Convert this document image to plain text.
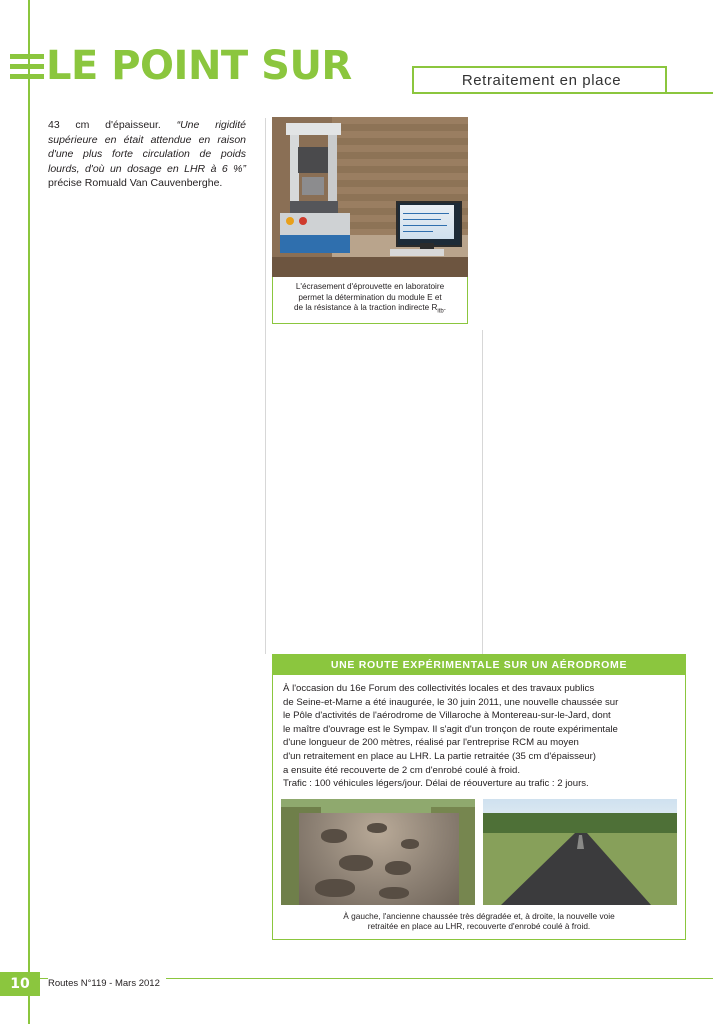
LE POINT SUR	Retraitement en place
43 cm d'épaisseur. “Une rigidité supérieure en était attendue en raison d'une plus forte circulation de poids lourds, d'où un dosage en LHR à 6 %” précise Romuald Van Cauvenberghe.
L'écrasement d'éprouvette en laboratoire
permet la détermination du module E et
de la résistance à la traction indirecte $R_{itb}$.
UNE ROUTE EXPÉRIMENTALE SUR UN AÉRODROME
À l'occasion du 16e Forum des collectivités locales et des travaux publics
de Seine-et-Marne a été inaugurée, le 30 juin 2011, une nouvelle chaussée sur
le Pôle d'activités de l'aérodrome de Villaroche à Montereau-sur-le-Jard, dont
le maître d'ouvrage est le Sympav. Il s'agit d'un tronçon de route expérimentale
d'une longueur de 200 mètres, réalisé par l'entreprise RCM au moyen
d'un retraitement en place au LHR. La partie retraitée (35 cm d'épaisseur)
a ensuite été recouverte de 2 cm d'enrobé coulé à froid.
Trafic : 100 véhicules légers/jour. Délai de réouverture au trafic : 2 jours.
À gauche, l'ancienne chaussée très dégradée et, à droite, la nouvelle voie
retraitée en place au LHR, recouverte d'enrobé coulé à froid.
10	Routes N°119 - Mars 2012
